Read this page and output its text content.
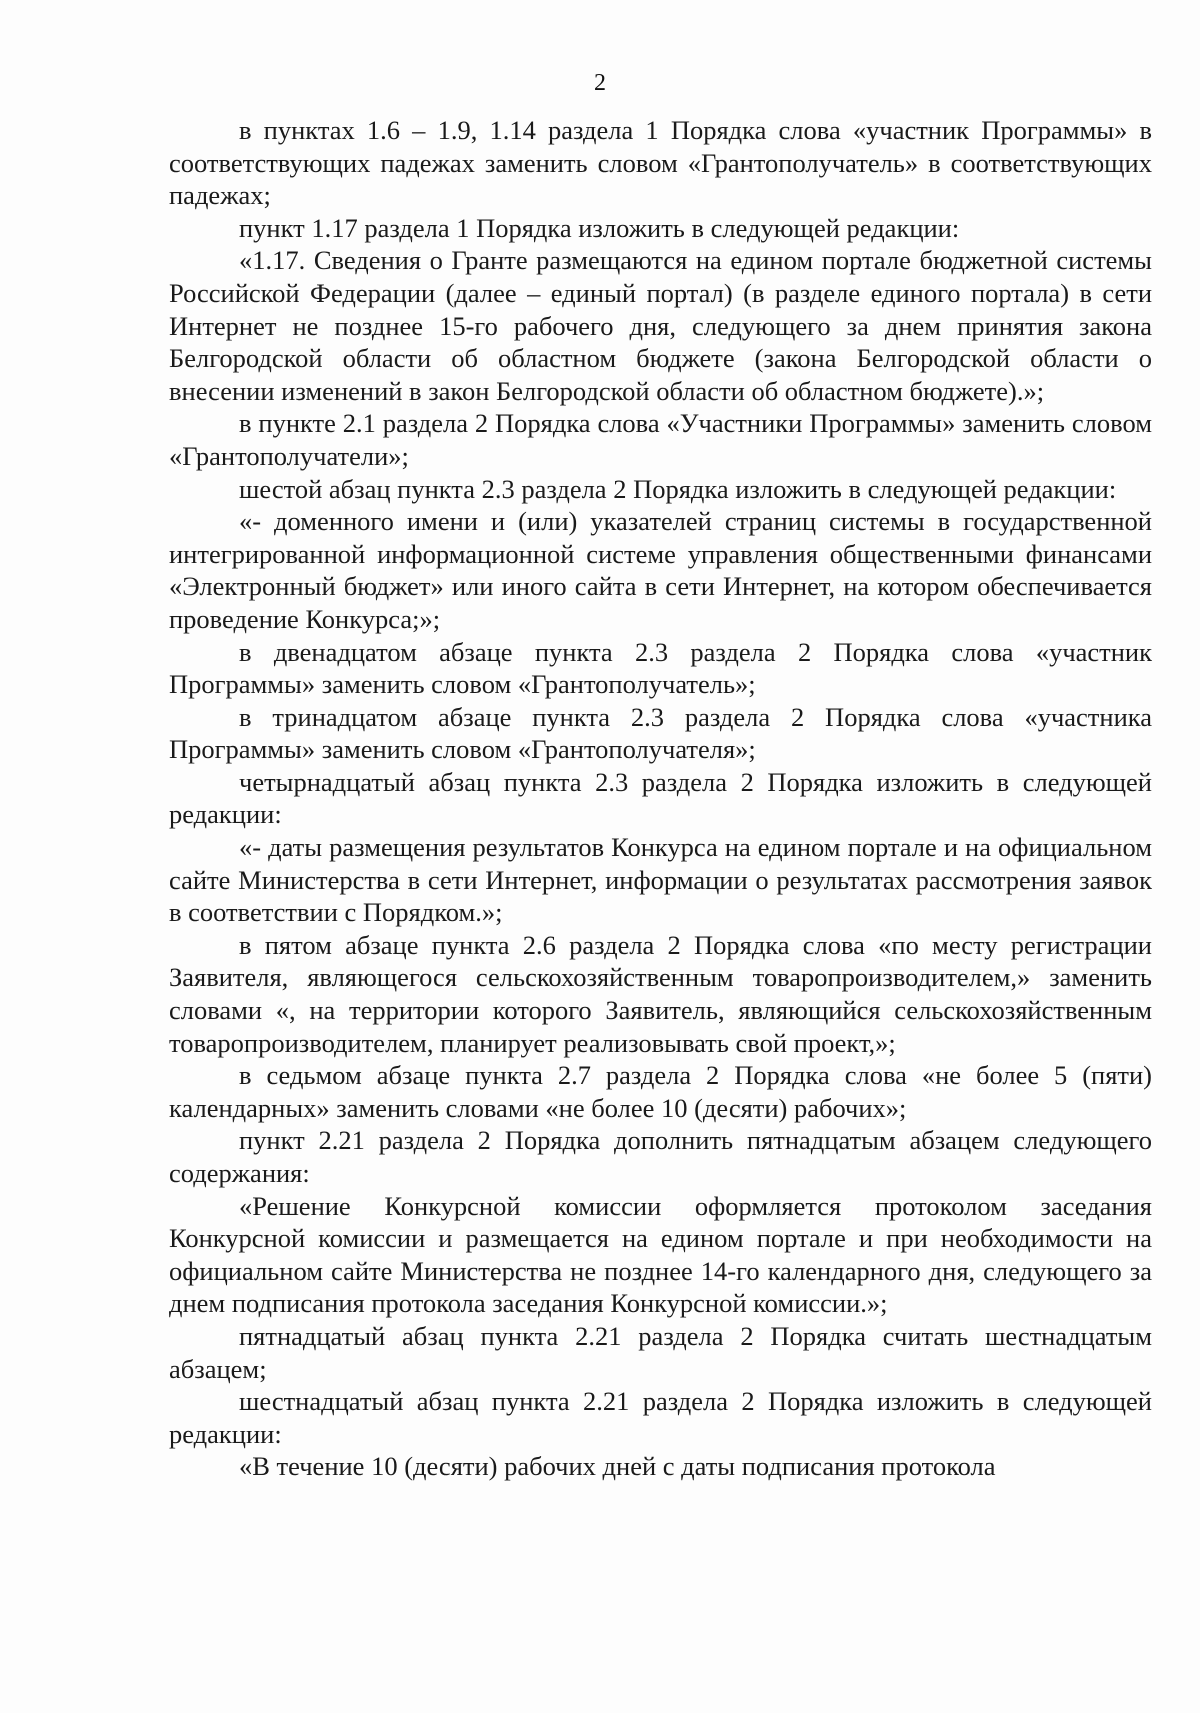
2

в пунктах 1.6 – 1.9, 1.14 раздела 1 Порядка слова «участник Программы» в соответствующих падежах заменить словом «Грантополучатель» в соответствующих падежах;

пункт 1.17 раздела 1 Порядка изложить в следующей редакции:

«1.17. Сведения о Гранте размещаются на едином портале бюджетной системы Российской Федерации (далее – единый портал) (в разделе единого портала) в сети Интернет не позднее 15-го рабочего дня, следующего за днем принятия закона Белгородской области об областном бюджете (закона Белгородской области о внесении изменений в закон Белгородской области об областном бюджете).»;

в пункте 2.1 раздела 2 Порядка слова «Участники Программы» заменить словом «Грантополучатели»;

шестой абзац пункта 2.3 раздела 2 Порядка изложить в следующей редакции:

«- доменного имени и (или) указателей страниц системы в государственной интегрированной информационной системе управления общественными финансами «Электронный бюджет» или иного сайта в сети Интернет, на котором обеспечивается проведение Конкурса;»;

в двенадцатом абзаце пункта 2.3 раздела 2 Порядка слова «участник Программы» заменить словом «Грантополучатель»;

в тринадцатом абзаце пункта 2.3 раздела 2 Порядка слова «участника Программы» заменить словом «Грантополучателя»;

четырнадцатый абзац пункта 2.3 раздела 2 Порядка изложить в следующей редакции:

«- даты размещения результатов Конкурса на едином портале и на официальном сайте Министерства в сети Интернет, информации о результатах рассмотрения заявок в соответствии с Порядком.»;

в пятом абзаце пункта 2.6 раздела 2 Порядка слова «по месту регистрации Заявителя, являющегося сельскохозяйственным товаропроизводителем,» заменить словами «, на территории которого Заявитель, являющийся сельскохозяйственным товаропроизводителем, планирует реализовывать свой проект,»;

в седьмом абзаце пункта 2.7 раздела 2 Порядка слова «не более 5 (пяти) календарных» заменить словами «не более 10 (десяти) рабочих»;

пункт 2.21 раздела 2 Порядка дополнить пятнадцатым абзацем следующего содержания:

«Решение Конкурсной комиссии оформляется протоколом заседания Конкурсной комиссии и размещается на едином портале и при необходимости на официальном сайте Министерства не позднее 14-го календарного дня, следующего за днем подписания протокола заседания Конкурсной комиссии.»;

пятнадцатый абзац пункта 2.21 раздела 2 Порядка считать шестнадцатым абзацем;

шестнадцатый абзац пункта 2.21 раздела 2 Порядка изложить в следующей редакции:

«В течение 10 (десяти) рабочих дней с даты подписания протокола
